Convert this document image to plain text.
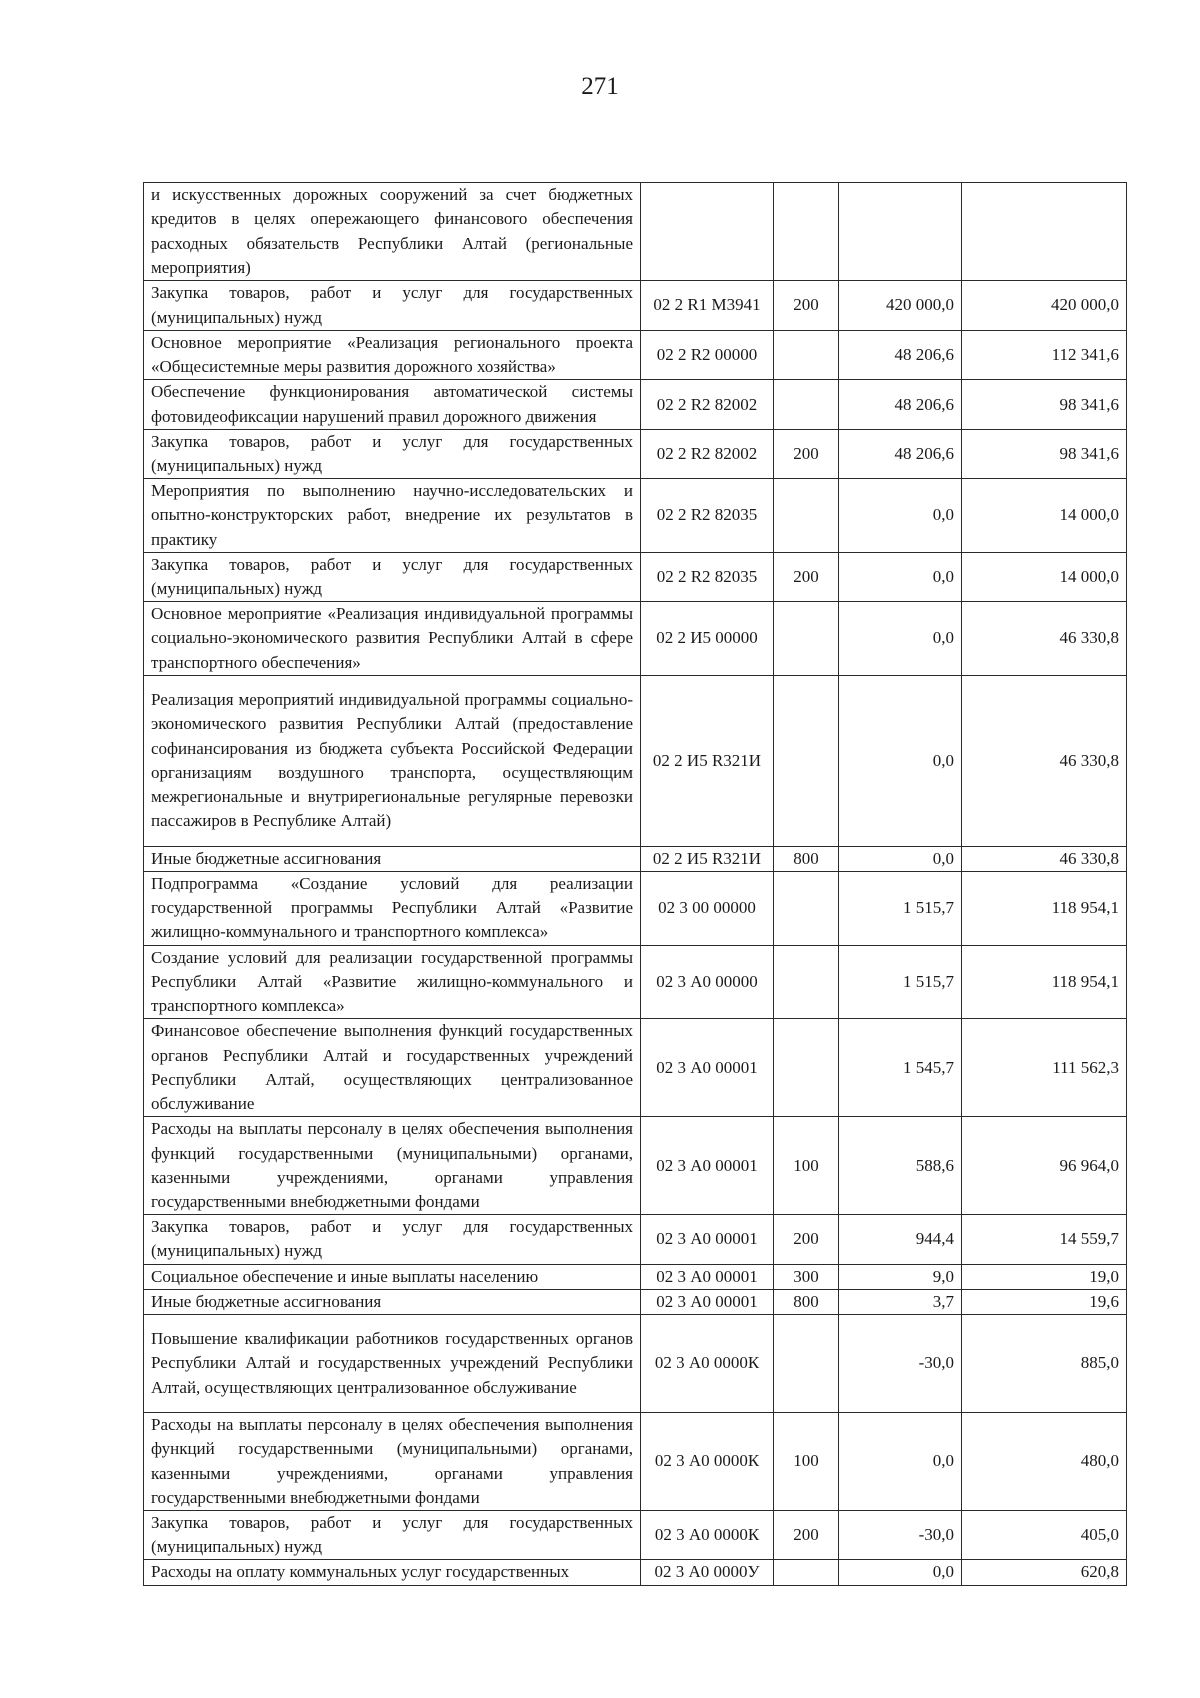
271
и искусственных дорожных сооружений за счет бюджетных кредитов в целях опережающего финансового обеспечения расходных обязательств Республики Алтай (региональные мероприятия)				
Закупка товаров, работ и услуг для государственных (муниципальных) нужд	02 2 R1 М3941	200	420 000,0	420 000,0
Основное мероприятие «Реализация регионального проекта «Общесистемные меры развития дорожного хозяйства»	02 2 R2 00000		48 206,6	112 341,6
Обеспечение функционирования автоматической системы фотовидеофиксации нарушений правил дорожного движения	02 2 R2 82002		48 206,6	98 341,6
Закупка товаров, работ и услуг для государственных (муниципальных) нужд	02 2 R2 82002	200	48 206,6	98 341,6
Мероприятия по выполнению научно-исследовательских и опытно-конструкторских работ, внедрение их результатов в практику	02 2 R2 82035		0,0	14 000,0
Закупка товаров, работ и услуг для государственных (муниципальных) нужд	02 2 R2 82035	200	0,0	14 000,0
Основное мероприятие «Реализация индивидуальной программы социально-экономического развития Республики Алтай в сфере транспортного обеспечения»	02 2 И5 00000		0,0	46 330,8
Реализация мероприятий индивидуальной программы социально-экономического развития Республики Алтай (предоставление софинансирования из бюджета субъекта Российской Федерации организациям воздушного транспорта, осуществляющим межрегиональные и внутрирегиональные регулярные перевозки пассажиров в Республике Алтай)	02 2 И5 R321И		0,0	46 330,8
Иные бюджетные ассигнования	02 2 И5 R321И	800	0,0	46 330,8
Подпрограмма «Создание условий для реализации государственной программы Республики Алтай «Развитие жилищно-коммунального и транспортного комплекса»	02 3 00 00000		1 515,7	118 954,1
Создание условий для реализации государственной программы Республики Алтай «Развитие жилищно-коммунального и транспортного комплекса»	02 3 А0 00000		1 515,7	118 954,1
Финансовое обеспечение выполнения функций государственных органов Республики Алтай и государственных учреждений Республики Алтай, осуществляющих централизованное обслуживание	02 3 А0 00001		1 545,7	111 562,3
Расходы на выплаты персоналу в целях обеспечения выполнения функций государственными (муниципальными) органами, казенными учреждениями, органами управления государственными внебюджетными фондами	02 3 А0 00001	100	588,6	96 964,0
Закупка товаров, работ и услуг для государственных (муниципальных) нужд	02 3 А0 00001	200	944,4	14 559,7
Социальное обеспечение и иные выплаты населению	02 3 А0 00001	300	9,0	19,0
Иные бюджетные ассигнования	02 3 А0 00001	800	3,7	19,6
Повышение квалификации работников государственных органов Республики Алтай и государственных учреждений Республики Алтай, осуществляющих централизованное обслуживание	02 3 А0 0000К		-30,0	885,0
Расходы на выплаты персоналу в целях обеспечения выполнения функций государственными (муниципальными) органами, казенными учреждениями, органами управления государственными внебюджетными фондами	02 3 А0 0000К	100	0,0	480,0
Закупка товаров, работ и услуг для государственных (муниципальных) нужд	02 3 А0 0000К	200	-30,0	405,0
Расходы на оплату коммунальных услуг государственных	02 3 А0 0000У		0,0	620,8
